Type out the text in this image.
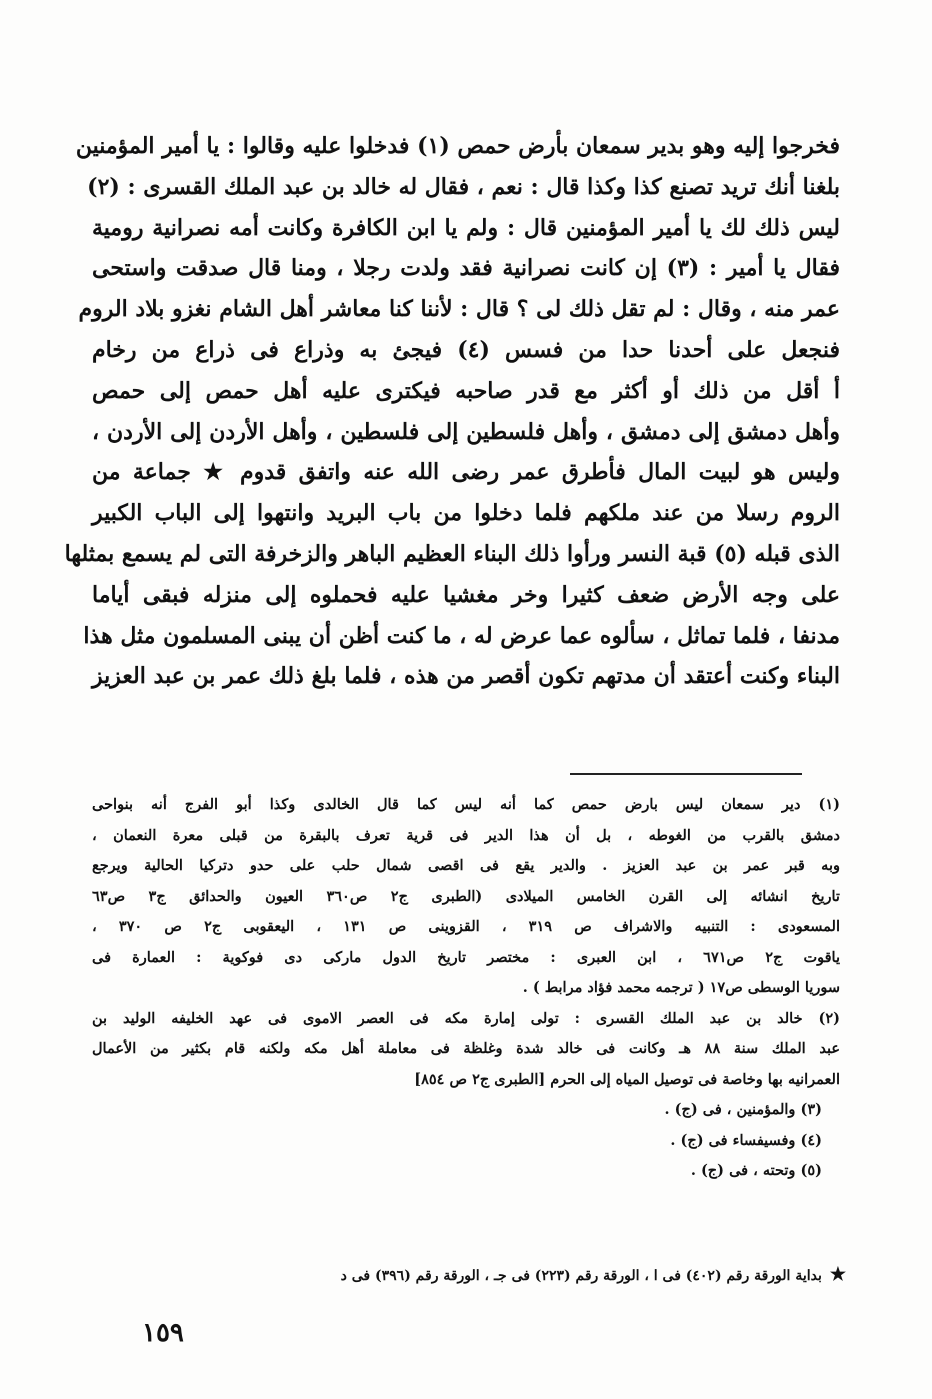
فخرجوا إليه وهو بدير سمعان بأرض حمص (١) فدخلوا عليه وقالوا : يا أمير المؤمنين
بلغنا أنك تريد تصنع كذا وكذا قال : نعم ، فقال له خالد بن عبد الملك القسرى : (٢)
ليس ذلك لك يا أمير المؤمنين قال : ولم يا ابن الكافرة وكانت أمه نصرانية رومية
فقال يا أمير : (٣) إن كانت نصرانية فقد ولدت رجلا ، ومنا قال صدقت واستحى
عمر منه ، وقال : لم تقل ذلك لى ؟ قال : لأننا كنا معاشر أهل الشام نغزو بلاد الروم
فنجعل على أحدنا حدا من فسس (٤) فيجئ به وذراع فى ذراع من رخام
أ أقل من ذلك أو أكثر مع قدر صاحبه فيكترى عليه أهل حمص إلى حمص
وأهل دمشق إلى دمشق ، وأهل فلسطين إلى فلسطين ، وأهل الأردن إلى الأردن ،
وليس هو لبيت المال فأطرق عمر رضى الله عنه واتفق قدوم ★ جماعة من
الروم رسلا من عند ملكهم فلما دخلوا من باب البريد وانتهوا إلى الباب الكبير
الذى قبله (٥) قبة النسر ورأوا ذلك البناء العظيم الباهر والزخرفة التى لم يسمع بمثلها
على وجه الأرض ضعف كثيرا وخر مغشيا عليه فحملوه إلى منزله فبقى أياما
مدنفا ، فلما تماثل ، سألوه عما عرض له ، ما كنت أظن أن يبنى المسلمون مثل هذا
البناء وكنت أعتقد أن مدتهم تكون أقصر من هذه ، فلما بلغ ذلك عمر بن عبد العزيز
(١) دير سمعان ليس بارض حمص كما أنه ليس كما قال الخالدى وكذا أبو الفرج أنه بنواحى
دمشق بالقرب من الغوطه ، بل أن هذا الدير فى قرية تعرف بالبقرة من قبلى معرة النعمان ،
وبه قبر عمر بن عبد العزيز . والدير يقع فى اقصى شمال حلب على حدو دتركيا الحالية ويرجع
تاريخ انشائه إلى القرن الخامس الميلادى (الطبرى ج٢ ص٣٦٠ العيون والحدائق ج٣ ص٦٣
المسعودى : التنبيه والاشراف ص ٣١٩ ، القزوينى ص ١٣١ ، اليعقوبى ج٢ ص ٣٧٠ ،
ياقوت ج٢ ص٦٧١ ، ابن العبرى : مختصر تاريخ الدول ماركى دى فوكوية : العمارة فى
سوريا الوسطى ص١٧ ( ترجمه محمد فؤاد مرابط ) .
(٢) خالد بن عبد الملك القسرى : تولى إمارة مكه فى العصر الاموى فى عهد الخليفه الوليد بن
عبد الملك سنة ٨٨ هـ وكانت فى خالد شدة وغلظة فى معاملة أهل مكه ولكنه قام بكثير من الأعمال
العمرانيه بها وخاصة فى توصيل المياه إلى الحرم [الطبرى ج٢ ص ٨٥٤]
(٣) والمؤمنين ، فى (ج) .
(٤) وفسيفساء فى (ج) .
(٥) وتحته ، فى (ج) .
★بداية الورقة رقم (٤٠٢) فى ا ، الورقة رقم (٢٢٣) فى جـ ، الورقة رقم (٣٩٦) فى د
١٥٩
